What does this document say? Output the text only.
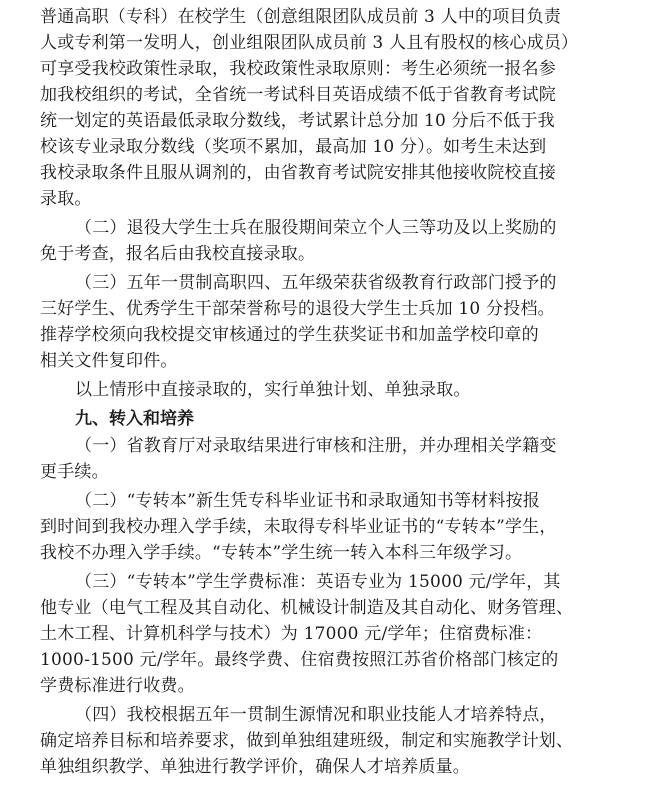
普通高职（专科）在校学生（创意组限团队成员前 3 人中的项目负责
人或专利第一发明人，创业组限团队成员前 3 人且有股权的核心成员）
可享受我校政策性录取，我校政策性录取原则：考生必须统一报名参
加我校组织的考试，全省统一考试科目英语成绩不低于省教育考试院
统一划定的英语最低录取分数线，考试累计总分加 10 分后不低于我
校该专业录取分数线（奖项不累加，最高加 10 分）。如考生未达到
我校录取条件且服从调剂的，由省教育考试院安排其他接收院校直接
录取。

（二）退役大学生士兵在服役期间荣立个人三等功及以上奖励的
免于考查，报名后由我校直接录取。

（三）五年一贯制高职四、五年级荣获省级教育行政部门授予的
三好学生、优秀学生干部荣誉称号的退役大学生士兵加 10 分投档。
推荐学校须向我校提交审核通过的学生获奖证书和加盖学校印章的
相关文件复印件。

以上情形中直接录取的，实行单独计划、单独录取。

九、转入和培养

（一）省教育厅对录取结果进行审核和注册，并办理相关学籍变
更手续。

（二）“专转本”新生凭专科毕业证书和录取通知书等材料按报
到时间到我校办理入学手续，未取得专科毕业证书的“专转本”学生，
我校不办理入学手续。“专转本”学生统一转入本科三年级学习。

（三）“专转本”学生学费标准：英语专业为 15000 元/学年，其
他专业（电气工程及其自动化、机械设计制造及其自动化、财务管理、
土木工程、计算机科学与技术）为 17000 元/学年；住宿费标准：
1000-1500 元/学年。最终学费、住宿费按照江苏省价格部门核定的
学费标准进行收费。

（四）我校根据五年一贯制生源情况和职业技能人才培养特点，
确定培养目标和培养要求，做到单独组建班级，制定和实施教学计划、
单独组织教学、单独进行教学评价，确保人才培养质量。
